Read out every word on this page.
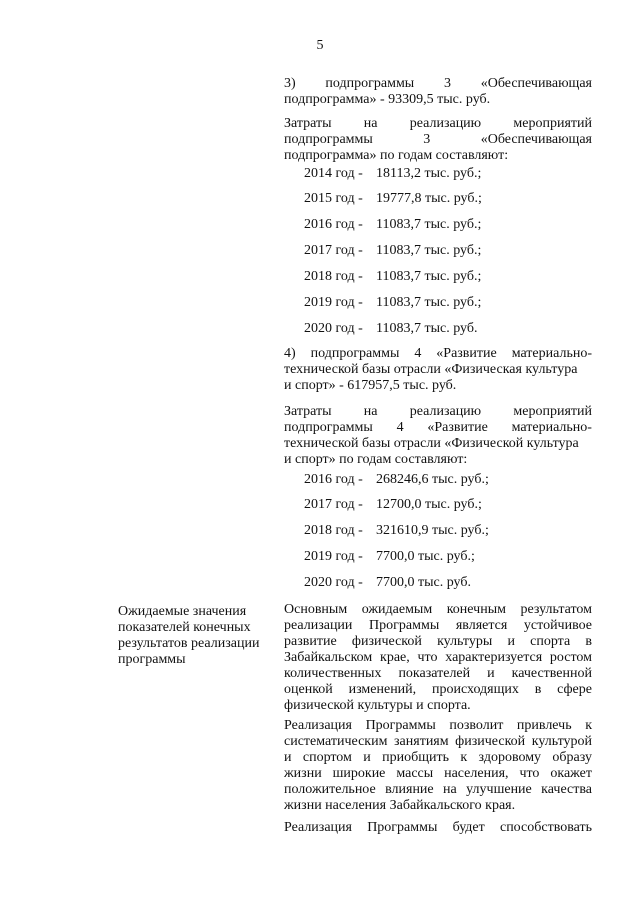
5
3) подпрограммы 3 «Обеспечивающая
подпрограмма» - 93309,5 тыс. руб.
Затраты на реализацию мероприятий
подпрограммы	3	«Обеспечивающая
подпрограмма» по годам составляют:
2014 год - 18113,2 тыс. руб.;
2015 год - 19777,8 тыс. руб.;
2016 год - 11083,7 тыс. руб.;
2017 год - 11083,7 тыс. руб.;
2018 год - 11083,7 тыс. руб.;
2019 год - 11083,7 тыс. руб.;
2020 год - 11083,7 тыс. руб.
4) подпрограммы 4 «Развитие материально-
технической базы отрасли «Физическая культура
и спорт» - 617957,5 тыс. руб.
Затраты на реализацию мероприятий
подпрограммы 4 «Развитие материально-
технической базы отрасли «Физической культура
и спорт» по годам составляют:
2016 год - 268246,6 тыс. руб.;
2017 год - 12700,0 тыс. руб.;
2018 год - 321610,9 тыс. руб.;
2019 год - 7700,0 тыс. руб.;
2020 год - 7700,0 тыс. руб.
Ожидаемые значения
показателей конечных
результатов реализации
программы
Основным ожидаемым конечным результатом
реализации Программы является устойчивое
развитие физической культуры и спорта в
Забайкальском крае, что характеризуется ростом
количественных показателей и качественной
оценкой изменений, происходящих в сфере
физической культуры и спорта.
Реализация Программы позволит привлечь к
систематическим занятиям физической культурой
и спортом и приобщить к здоровому образу
жизни широкие массы населения, что окажет
положительное влияние на улучшение качества
жизни населения Забайкальского края.
Реализация Программы будет способствовать
